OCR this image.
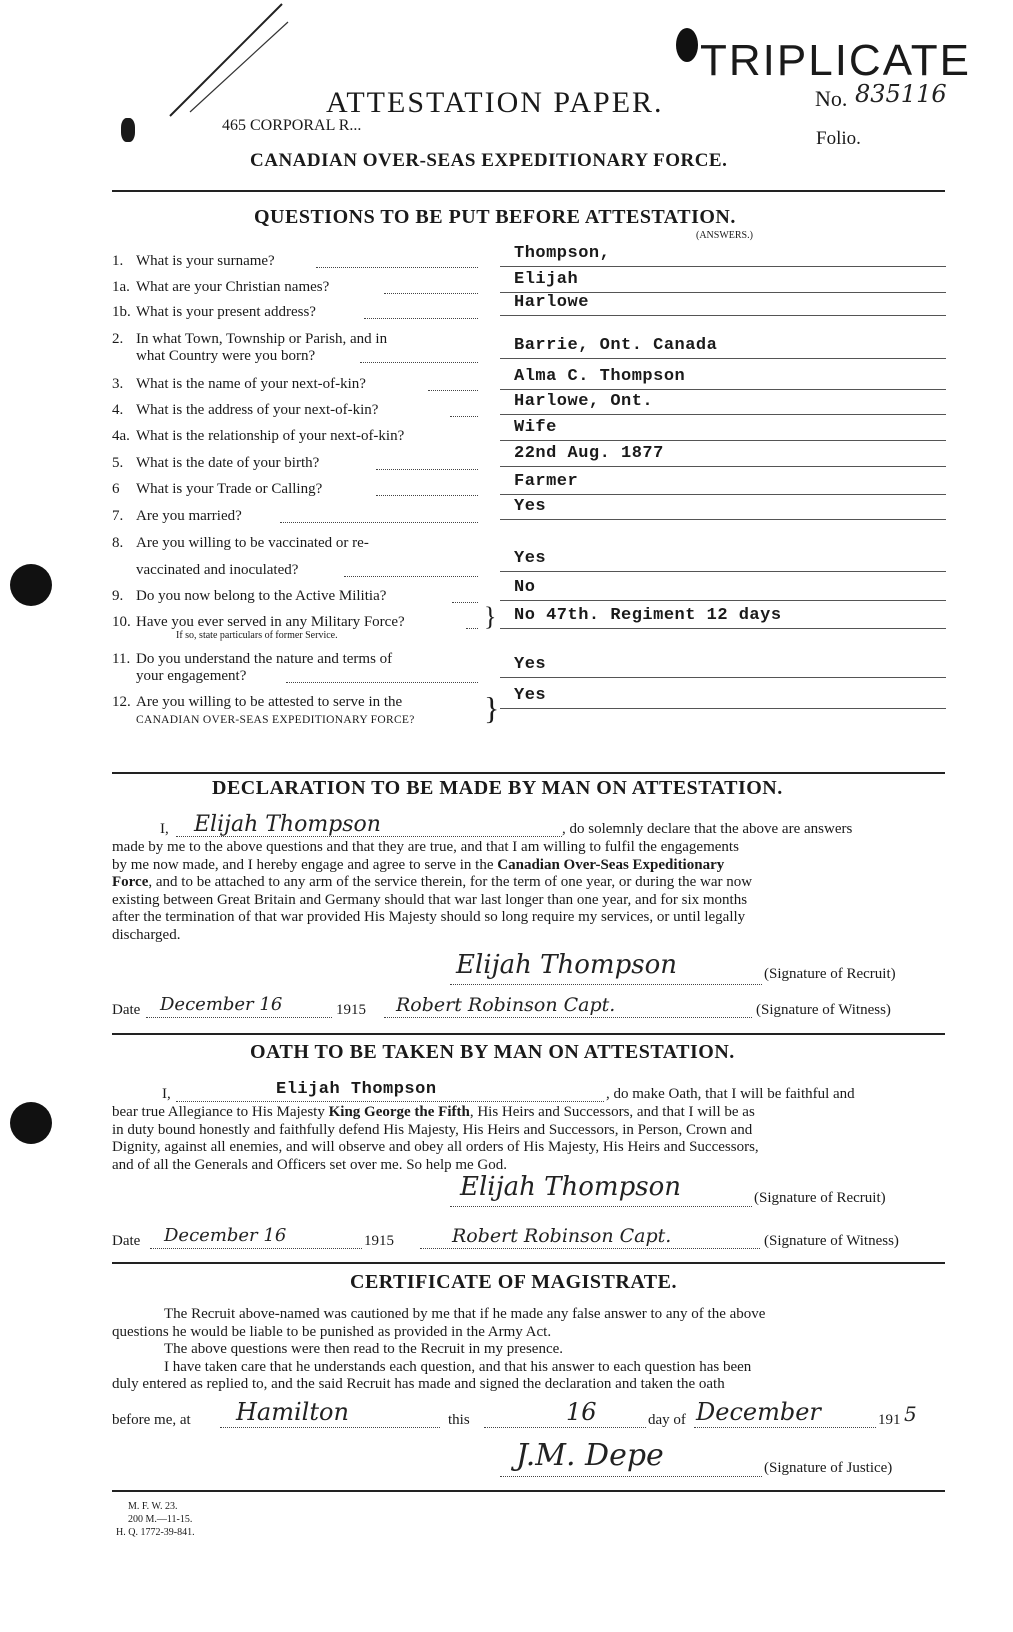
TRIPLICATE
465 CORPORAL R...
ATTESTATION PAPER.	No. 835116
Folio.
CANADIAN OVER-SEAS EXPEDITIONARY FORCE.
QUESTIONS TO BE PUT BEFORE ATTESTATION.
(ANSWERS.)
1. What is your surname?	Thompson,
1a. What are your Christian names?	Elijah
1b. What is your present address?	Harlowe
2. In what Town, Township or Parish, and in
what Country were you born?
Barrie, Ont. Canada
3. What is the name of your next-of-kin?	Alma C. Thompson
4. What is the address of your next-of-kin?	Harlowe, Ont.
4a. What is the relationship of your next-of-kin?	Wife
5. What is the date of your birth?	22nd Aug. 1877
6 What is your Trade or Calling?	Farmer
7. Are you married?	Yes
8. Are you willing to be vaccinated or re-
vaccinated and inoculated?
Yes
9. Do you now belong to the Active Militia?	No
10. Have you ever served in any Military Force?
If so, state particulars of former Service.
No 47th. Regiment 12 days
11. Do you understand the nature and terms of
your engagement?
Yes
12. Are you willing to be attested to serve in the
CANADIAN OVER-SEAS EXPEDITIONARY FORCE?
Yes
}
}
DECLARATION TO BE MADE BY MAN ON ATTESTATION.
I, Elijah Thompson	, do solemnly declare that the above are answers
made by me to the above questions and that they are true, and that I am willing to fulfil the engagements
by me now made, and I hereby engage and agree to serve in the Canadian Over-Seas Expeditionary
Force, and to be attached to any arm of the service therein, for the term of one year, or during the war now
existing between Great Britain and Germany should that war last longer than one year, and for six months
after the termination of that war provided His Majesty should so long require my services, or until legally
discharged.
Elijah Thompson	(Signature of Recruit)
Date December 16	1915 Robert Robinson Capt.	(Signature of Witness)
OATH TO BE TAKEN BY MAN ON ATTESTATION.
I,	Elijah Thompson	, do make Oath, that I will be faithful and
bear true Allegiance to His Majesty King George the Fifth, His Heirs and Successors, and that I will be as
in duty bound honestly and faithfully defend His Majesty, His Heirs and Successors, in Person, Crown and
Dignity, against all enemies, and will observe and obey all orders of His Majesty, His Heirs and Successors,
and of all the Generals and Officers set over me. So help me God.
Elijah Thompson	(Signature of Recruit)
Date December 16	1915	Robert Robinson Capt.	(Signature of Witness)
CERTIFICATE OF MAGISTRATE.
The Recruit above-named was cautioned by me that if he made any false answer to any of the above
questions he would be liable to be punished as provided in the Army Act.
The above questions were then read to the Recruit in my presence.
I have taken care that he understands each question, and that his answer to each question has been
duly entered as replied to, and the said Recruit has made and signed the declaration and taken the oath
before me, at Hamilton	this	16	day of December	191 5
J.M. Depe	(Signature of Justice)
M. F. W. 23.
200 M.—11-15.
H. Q. 1772-39-841.
